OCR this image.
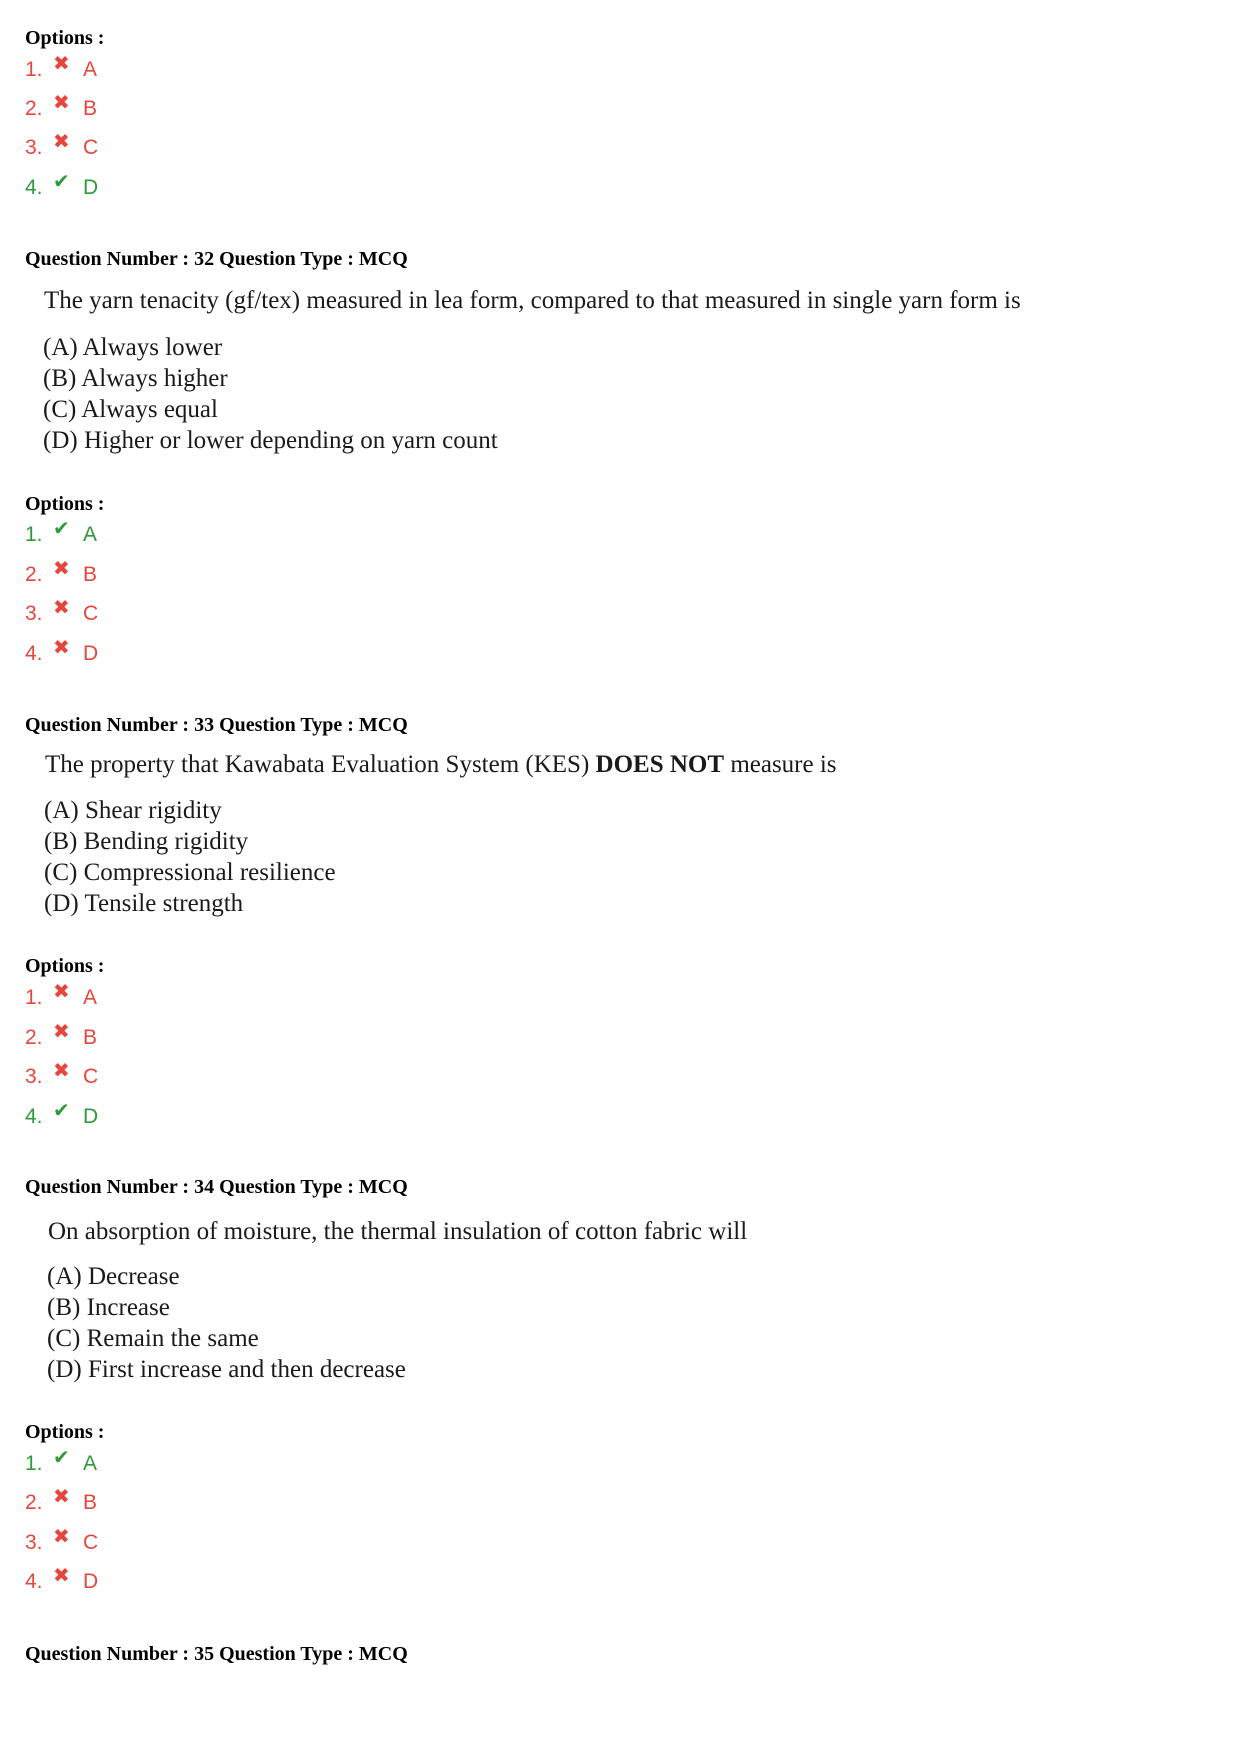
Options :
1. ✖ A
2. ✖ B
3. ✖ C
4. ✔ D
Question Number : 32 Question Type : MCQ
The yarn tenacity (gf/tex) measured in lea form, compared to that measured in single yarn form is
(A) Always lower
(B) Always higher
(C) Always equal
(D) Higher or lower depending on yarn count
Options :
1. ✔ A
2. ✖ B
3. ✖ C
4. ✖ D
Question Number : 33 Question Type : MCQ
The property that Kawabata Evaluation System (KES) DOES NOT measure is
(A) Shear rigidity
(B) Bending rigidity
(C) Compressional resilience
(D) Tensile strength
Options :
1. ✖ A
2. ✖ B
3. ✖ C
4. ✔ D
Question Number : 34 Question Type : MCQ
On absorption of moisture, the thermal insulation of cotton fabric will
(A) Decrease
(B) Increase
(C) Remain the same
(D) First increase and then decrease
Options :
1. ✔ A
2. ✖ B
3. ✖ C
4. ✖ D
Question Number : 35 Question Type : MCQ
